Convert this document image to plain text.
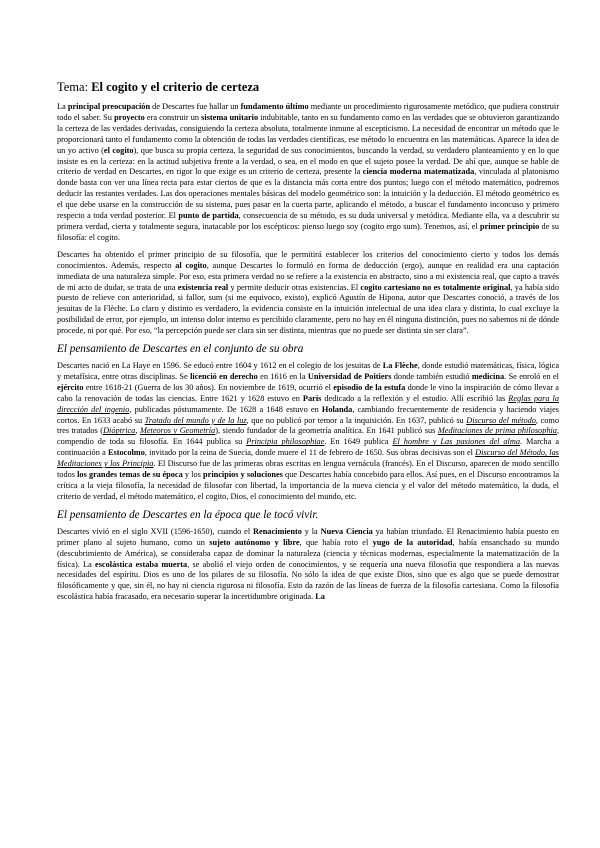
Tema: El cogito y el criterio de certeza

La principal preocupación de Descartes fue hallar un fundamento último mediante un procedimiento rigurosamente metódico, que pudiera construir todo el saber. Su proyecto era construir un sistema unitario indubitable, tanto en su fundamento como en las verdades que se obtuvieron garantizando la certeza de las verdades derivadas, consiguiendo la certeza absoluta, totalmente inmune al escepticismo. La necesidad de encontrar un método que le proporcionará tanto el fundamento como la obtención de todas las verdades científicas, ese método lo encuentra en las matemáticas. Aparece la idea de un yo activo (el cogito), que busca su propia certeza, la seguridad de sus conocimientos, buscando la verdad, su verdadero planteamiento y en lo que insiste es en la certeza: en la actitud subjetiva frente a la verdad, o sea, en el modo en que el sujeto posee la verdad. De ahí que, aunque se hable de criterio de verdad en Descartes, en rigor lo que exige es un criterio de certeza, presente la ciencia moderna matematizada, vinculada al platonismo donde basta con ver una línea recta para estar ciertos de que es la distancia más corta entre dos puntos; luego con el método matemático, podremos deducir las restantes verdades. Las dos operaciones mentales básicas del modelo geométrico son: la intuición y la deducción. El método geométrico es el que debe usarse en la construcción de su sistema, pues pasar en la cuerta parte, aplicando el método, a buscar el fundamento inconcuso y primero respecto a toda verdad posterior. El punto de partida, consecuencia de su método, es su duda universal y metódica. Mediante ella, va a descubrir su primera verdad, cierta y totalmente segura, inatacable por los escépticos: pienso luego soy (cogito ergo sum). Tenemos, así, el primer principio de su filosofía: el cogito.

Descartes ha obtenido el primer principio de su filosofía, que le permitirá establecer los criterios del conocimiento cierto y todos los demás conocimientos. Además, respecto al cogito, aunque Descartes lo formuló en forma de deducción (ergo), aunque en realidad era una captación inmediata de una naturaleza simple. Por eso, esta primera verdad no se refiere a la existencia en abstracto, sino a mi existencia real, que capto a través de mi acto de dudar, se trata de una existencia real y permite deducir otras existencias. El cogito cartesiano no es totalmente original, ya había sido puesto de relieve con anterioridad, si fallor, sum (si me equivoco, existo), explicó Agustín de Hipona, autor que Descartes conoció, a través de los jesuitas de la Flèche. Lo claro y distinto es verdadero, la evidencia consiste en la intuición intelectual de una idea clara y distinta, lo cual excluye la posibilidad de error, por ejemplo, un intenso dolor interno es percibido claramente, pero no hay en él ninguna distinción, pues no sabemos ni de dónde procede, ni por qué. Por eso, “la percepción puede ser clara sin ser distinta, mientras que no puede ser distinta sin ser clara”.

El pensamiento de Descartes en el conjunto de su obra

Descartes nació en La Haye en 1596. Se educó entre 1604 y 1612 en el colegio de los jesuitas de La Flèche, donde estudió matemáticas, física, lógica y metafísica, entre otras disciplinas. Se licenció en derecho en 1616 en la Universidad de Poitiers donde también estudió medicina. Se enroló en el ejército entre 1618-21 (Guerra de los 30 años). En noviembre de 1619, ocurrió el episodio de la estufa donde le vino la inspiración de cómo llevar a cabo la renovación de todas las ciencias. Entre 1621 y 1628 estuvo en París dedicado a la reflexión y el estudio. Allí escribió las Reglas para la dirección del ingenio, publicadas póstumamente. De 1628 a 1648 estuvo en Holanda, cambiando frecuentemente de residencia y haciendo viajes cortos. En 1633 acabó su Tratado del mundo y de la luz, que no publicó por temor a la inquisición. En 1637, publicó su Discurso del método, como tres tratados (Dióptrica, Meteoros y Geometría), siendo fundador de la geometría analítica. En 1641 publicó sus Meditaciones de prima philosophia, compendio de toda su filosofía. En 1644 publica su Principia philosophiae. En 1649 publica El hombre y Las pasiones del alma. Marcha a continuación a Estocolmo, invitado por la reina de Suecia, donde muere el 11 de febrero de 1650. Sus obras decisivas son el Discurso del Método, las Meditaciones y los Principia. El Discurso fue de las primeras obras escritas en lengua vernácula (francés). En el Discurso, aparecen de modo sencillo todos los grandes temas de su época y los principios y soluciones que Descartes había concebido para ellos. Así pues, en el Discurso encontramos la crítica a la vieja filosofía, la necesidad de filosofar con libertad, la importancia de la nueva ciencia y el valor del método matemático, la duda, el criterio de verdad, el método matemático, el cogito, Dios, el conocimiento del mundo, etc.

El pensamiento de Descartes en la época que le tocó vivir.

Descartes vivió en el siglo XVII (1596-1650), cuando el Renacimiento y la Nueva Ciencia ya habían triunfado. El Renacimiento había puesto en primer plano al sujeto humano, como un sujeto autónomo y libre, que había roto el yugo de la autoridad, había ensanchado su mundo (descubrimiento de América), se consideraba capaz de dominar la naturaleza (ciencia y técnicas modernas, especialmente la matematización de la física). La escolástica estaba muerta, se abolió el viejo orden de conocimientos, y se requería una nueva filosofía que respondiera a las nuevas necesidades del espíritu. Dios es uno de los pilares de su filosofía. No sólo la idea de que existe Dios, sino que es algo que se puede demostrar filosóficamente y que, sin él, no hay ni ciencia rigurosa ni filosofía. Esto da razón de las líneas de fuerza de la filosofía cartesiana. Como la filosofía escolástica había fracasado, era necesario superar la incertidumbre originada. La
